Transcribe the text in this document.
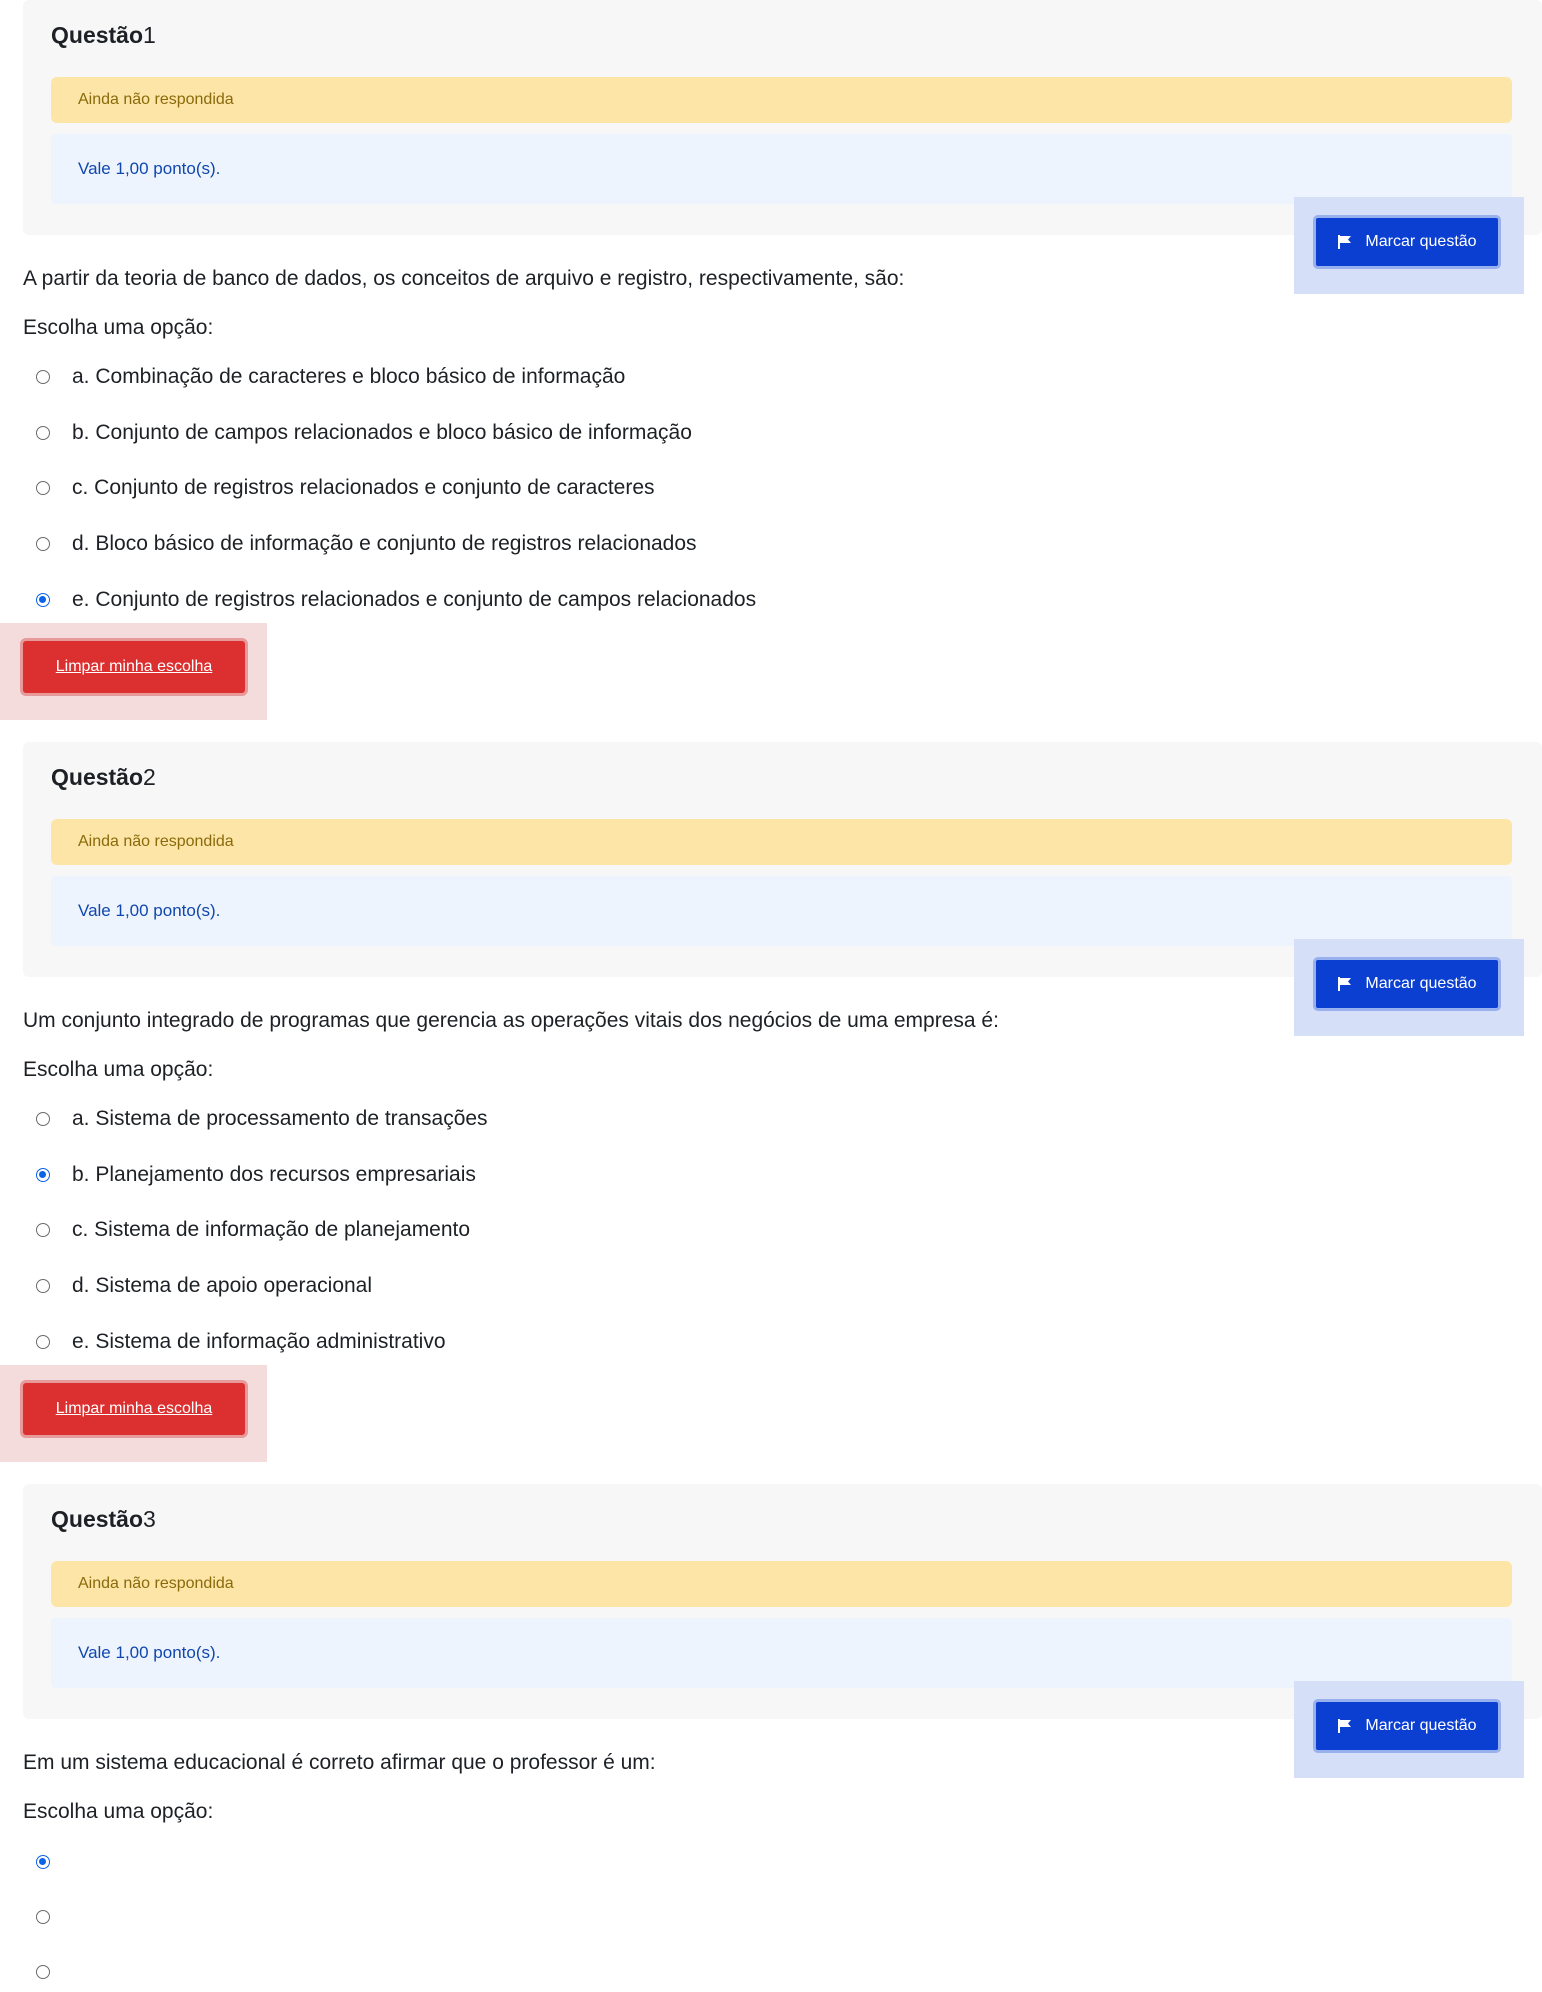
Questão1
Ainda não respondida
Vale 1,00 ponto(s).
Marcar questão
A partir da teoria de banco de dados, os conceitos de arquivo e registro, respectivamente, são:
Escolha uma opção:
a. Combinação de caracteres e bloco básico de informação
b. Conjunto de campos relacionados e bloco básico de informação
c. Conjunto de registros relacionados e conjunto de caracteres
d. Bloco básico de informação e conjunto de registros relacionados
e. Conjunto de registros relacionados e conjunto de campos relacionados
Limpar minha escolha
Questão2
Ainda não respondida
Vale 1,00 ponto(s).
Marcar questão
Um conjunto integrado de programas que gerencia as operações vitais dos negócios de uma empresa é:
Escolha uma opção:
a. Sistema de processamento de transações
b. Planejamento dos recursos empresariais
c. Sistema de informação de planejamento
d. Sistema de apoio operacional
e. Sistema de informação administrativo
Limpar minha escolha
Questão3
Ainda não respondida
Vale 1,00 ponto(s).
Marcar questão
Em um sistema educacional é correto afirmar que o professor é um:
Escolha uma opção:
